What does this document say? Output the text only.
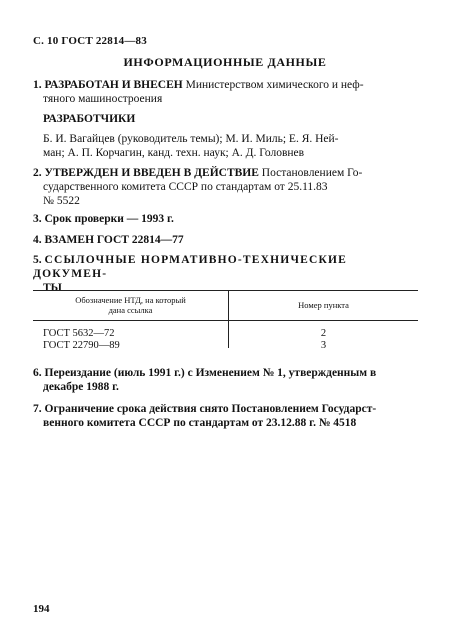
С. 10 ГОСТ 22814—83
ИНФОРМАЦИОННЫЕ ДАННЫЕ
1. РАЗРАБОТАН И ВНЕСЕН Министерством химического и неф-
тяного машиностроения
РАЗРАБОТЧИКИ
Б. И. Вагайцев (руководитель темы); М. И. Миль; Е. Я. Ней-
ман; А. П. Корчагин, канд. техн. наук; А. Д. Головнев
2. УТВЕРЖДЕН И ВВЕДЕН В ДЕЙСТВИЕ Постановлением Го-
сударственного комитета СССР по стандартам от 25.11.83
№ 5522
3. Срок проверки — 1993 г.
4. ВЗАМЕН ГОСТ 22814—77
5. ССЫЛОЧНЫЕ НОРМАТИВНО-ТЕХНИЧЕСКИЕ ДОКУМЕН-
ТЫ
Обозначение НТД, на который
дана ссылка	Номер пункта
ГОСТ 5632—72	2
ГОСТ 22790—89	3
6. Переиздание (июль 1991 г.) с Изменением № 1, утвержденным в
декабре 1988 г.
7. Ограничение срока действия снято Постановлением Государст-
венного комитета СССР по стандартам от 23.12.88 г. № 4518
194
